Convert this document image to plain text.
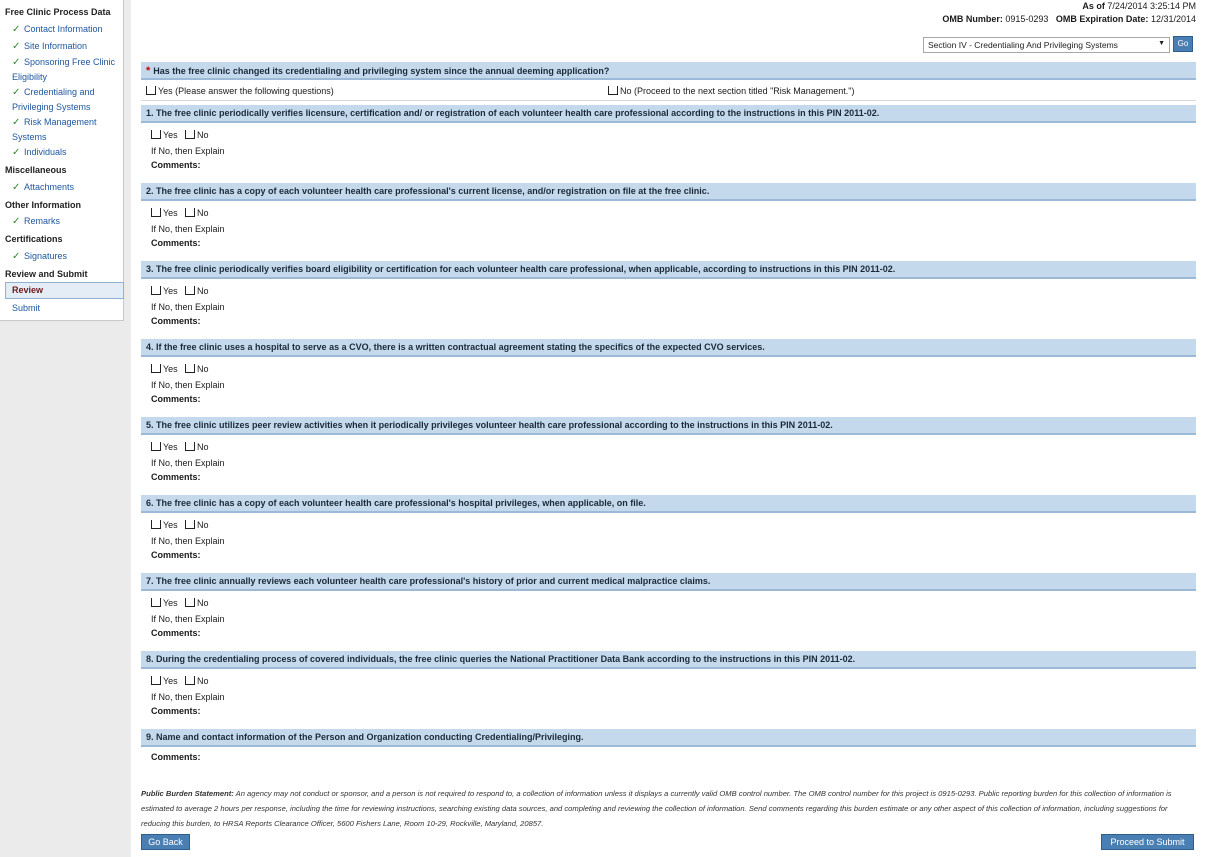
Free Clinic Process Data
✓ Contact Information
✓ Site Information
✓ Sponsoring Free Clinic Eligibility
✓ Credentialing and Privileging Systems
✓ Risk Management Systems
✓ Individuals
Miscellaneous
✓ Attachments
Other Information
✓ Remarks
Certifications
✓ Signatures
Review and Submit
Review
Submit
As of 7/24/2014 3:25:14 PM
OMB Number: 0915-0293 OMB Expiration Date: 12/31/2014
Section IV - Credentialing And Privileging Systems	▼	Go
* Has the free clinic changed its credentialing and privileging system since the annual deeming application?
Yes (Please answer the following questions)	No (Proceed to the next section titled "Risk Management.")
1. The free clinic periodically verifies licensure, certification and/ or registration of each volunteer health care professional according to the instructions in this PIN 2011-02.
Yes	No
If No, then Explain
Comments:
2. The free clinic has a copy of each volunteer health care professional's current license, and/or registration on file at the free clinic.
Yes	No
If No, then Explain
Comments:
3. The free clinic periodically verifies board eligibility or certification for each volunteer health care professional, when applicable, according to instructions in this PIN 2011-02.
Yes	No
If No, then Explain
Comments:
4. If the free clinic uses a hospital to serve as a CVO, there is a written contractual agreement stating the specifics of the expected CVO services.
Yes	No
If No, then Explain
Comments:
5. The free clinic utilizes peer review activities when it periodically privileges volunteer health care professional according to the instructions in this PIN 2011-02.
Yes	No
If No, then Explain
Comments:
6. The free clinic has a copy of each volunteer health care professional's hospital privileges, when applicable, on file.
Yes	No
If No, then Explain
Comments:
7. The free clinic annually reviews each volunteer health care professional's history of prior and current medical malpractice claims.
Yes	No
If No, then Explain
Comments:
8. During the credentialing process of covered individuals, the free clinic queries the National Practitioner Data Bank according to the instructions in this PIN 2011-02.
Yes	No
If No, then Explain
Comments:
9. Name and contact information of the Person and Organization conducting Credentialing/Privileging.
Comments:
Public Burden Statement: An agency may not conduct or sponsor, and a person is not required to respond to, a collection of information unless it displays a currently valid OMB control number. The OMB control number for this project is 0915-0293. Public reporting burden for this collection of information is estimated to average 2 hours per response, including the time for reviewing instructions, searching existing data sources, and completing and reviewing the collection of information. Send comments regarding this burden estimate or any other aspect of this collection of information, including suggestions for reducing this burden, to HRSA Reports Clearance Officer, 5600 Fishers Lane, Room 10-29, Rockville, Maryland, 20857.
Go Back	Proceed to Submit
